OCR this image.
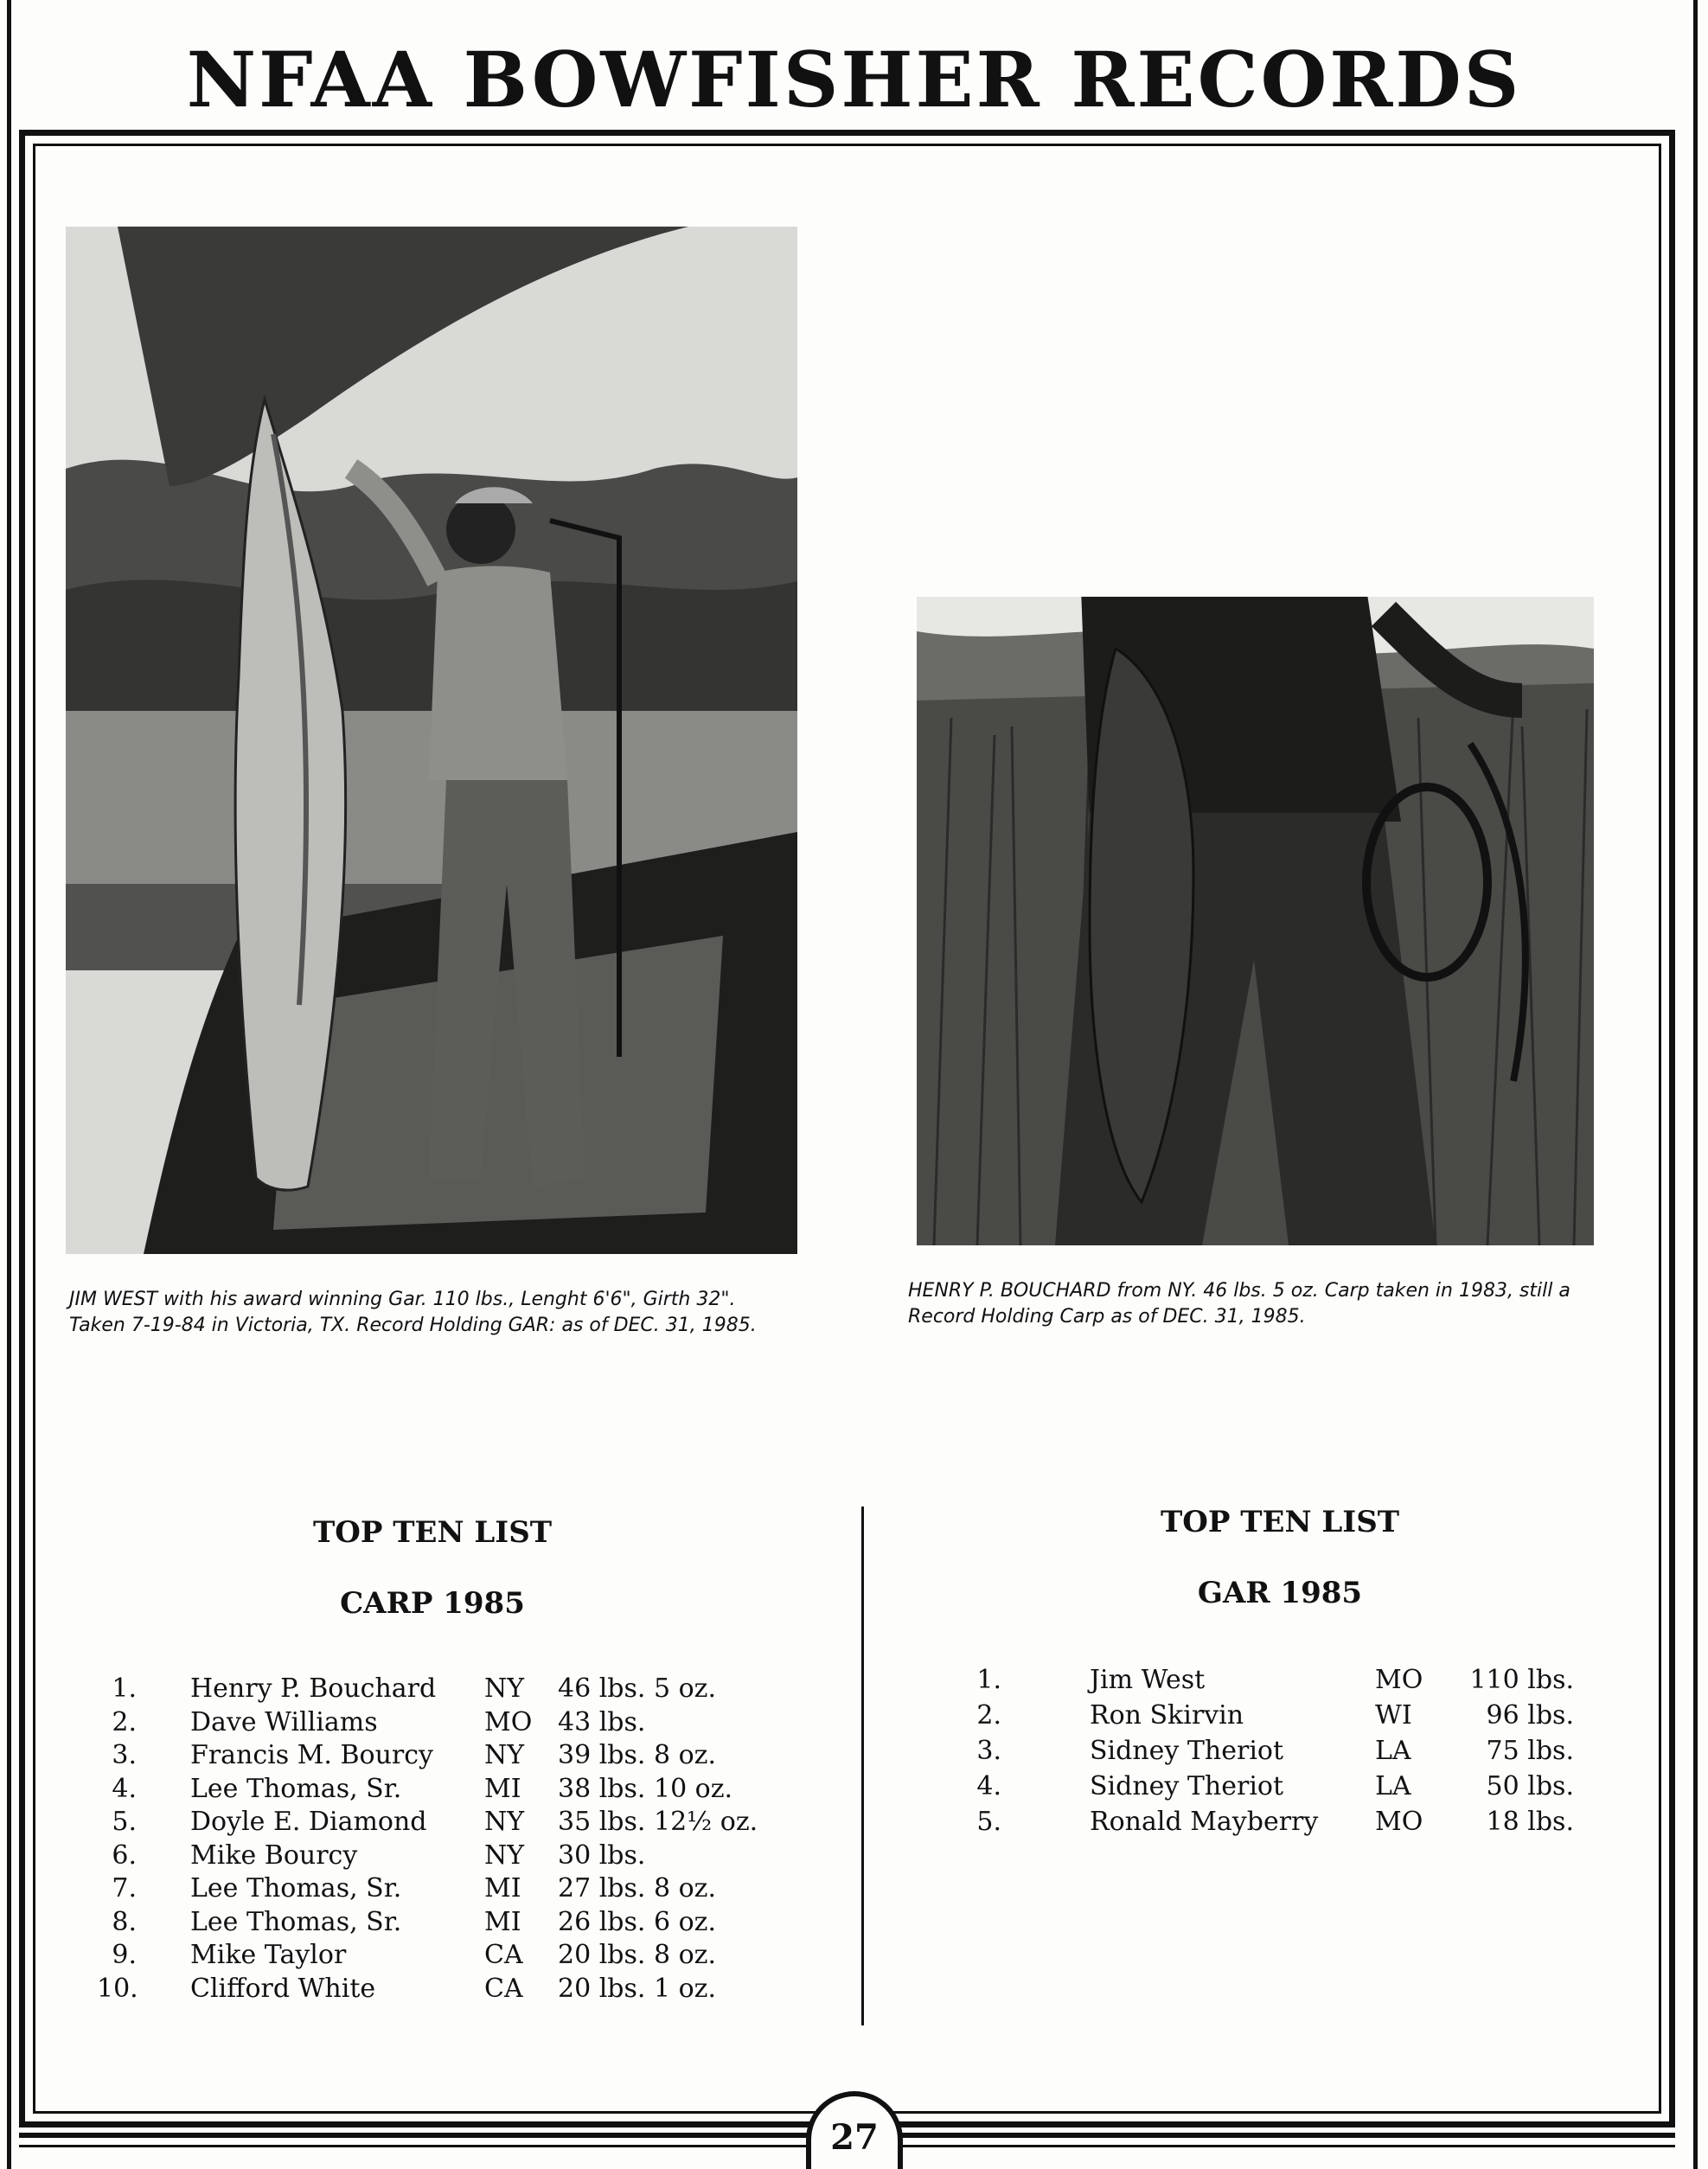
NFAA BOWFISHER RECORDS

JIM WEST with his award winning Gar. 110 lbs., Lenght 6'6", Girth 32".
Taken 7-19-84 in Victoria, TX. Record Holding GAR: as of DEC. 31, 1985.

HENRY P. BOUCHARD from NY. 46 lbs. 5 oz. Carp taken in 1983, still a
Record Holding Carp as of DEC. 31, 1985.

TOP TEN LIST
CARP 1985
1. Henry P. Bouchard NY 46 lbs. 5 oz.
2. Dave Williams	MO 43 lbs.
3. Francis M. Bourcy NY 39 lbs. 8 oz.
4. Lee Thomas, Sr.	MI 38 lbs. 10 oz.
5. Doyle E. Diamond NY 35 lbs. 12½ oz.
6. Mike Bourcy	NY 30 lbs.
7. Lee Thomas, Sr.	MI 27 lbs. 8 oz.
8. Lee Thomas, Sr.	MI 26 lbs. 6 oz.
9. Mike Taylor	CA 20 lbs. 8 oz.
10. Clifford White	CA 20 lbs. 1 oz.
TOP TEN LIST
GAR 1985
1.	Jim West	MO	110 lbs.
2.	Ron Skirvin	WI	96 lbs.
3.	Sidney Theriot	LA	75 lbs.
4.	Sidney Theriot	LA	50 lbs.
5.	Ronald Mayberry MO	18 lbs.
27
